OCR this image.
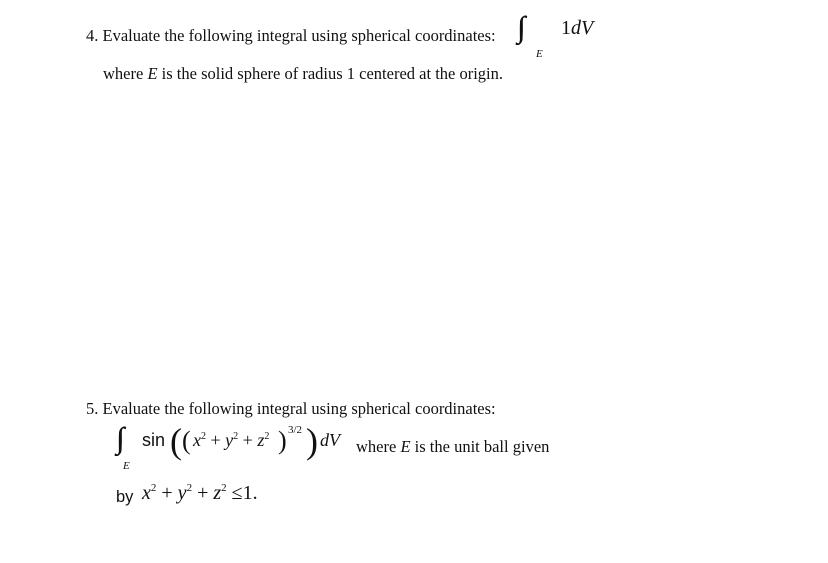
4. Evaluate the following integral using spherical coordinates: ∫∫∫ 1dV
E
where E is the solid sphere of radius 1 centered at the origin.
5. Evaluate the following integral using spherical coordinates:
∫∫∫
E
sin ( ( $x^2 + y^2 + z^2$ ) 3/2 ) dV where E is the unit ball given
by $x^2 + y^2 + z^2 \le 1$.
